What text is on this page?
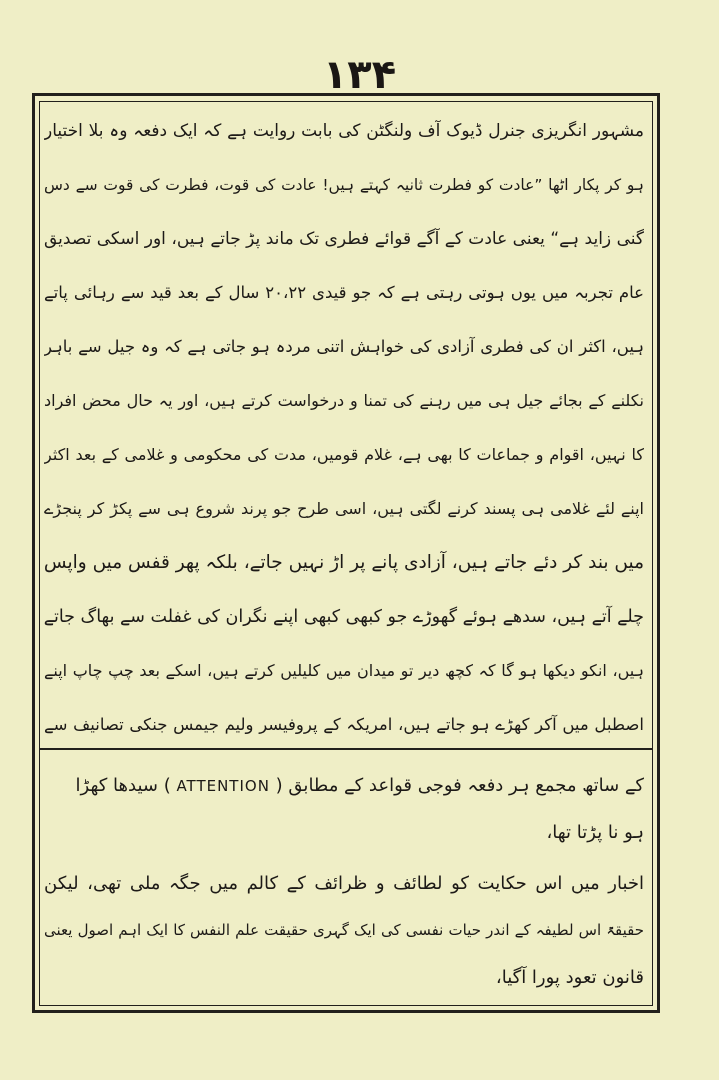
۱۳۴
مشہور انگریزی جنرل ڈیوک آف ولنگٹن کی بابت روایت ہے کہ ایک دفعہ وہ بلا اختیار
ہو کر پکار اٹھا ”عادت کو فطرت ثانیہ کہتے ہیں! عادت کی قوت، فطرت کی قوت سے دس
گنی زاید ہے“ یعنی عادت کے آگے قوائے فطری تک ماند پڑ جاتے ہیں، اور اسکی تصدیق
عام تجربہ میں یوں ہوتی رہتی ہے کہ جو قیدی ۲۰،۲۲ سال کے بعد قید سے رہائی پاتے
ہیں، اکثر ان کی فطری آزادی کی خواہش اتنی مردہ ہو جاتی ہے کہ وہ جیل سے باہر
نکلنے کے بجائے جیل ہی میں رہنے کی تمنا و درخواست کرتے ہیں، اور یہ حال محض افراد
کا نہیں، اقوام و جماعات کا بھی ہے، غلام قومیں، مدت کی محکومی و غلامی کے بعد اکثر
اپنے لئے غلامی ہی پسند کرنے لگتی ہیں، اسی طرح جو پرند شروع ہی سے پکڑ کر پنجڑے
میں بند کر دئے جاتے ہیں، آزادی پانے پر اڑ نہیں جاتے، بلکہ پھر قفس میں واپس
چلے آتے ہیں، سدھے ہوئے گھوڑے جو کبھی کبھی اپنے نگران کی غفلت سے بھاگ جاتے
ہیں، انکو دیکھا ہو گا کہ کچھ دیر تو میدان میں کلیلیں کرتے ہیں، اسکے بعد چپ چاپ اپنے
اصطبل میں آکر کھڑے ہو جاتے ہیں، امریکہ کے پروفیسر ولیم جیمس جنکی تصانیف سے
کے ساتھ مجمع ہر دفعہ فوجی قواعد کے مطابق ( ATTENTION ) سیدھا کھڑا
ہو نا پڑتا تھا،
اخبار میں اس حکایت کو لطائف و ظرائف کے کالم میں جگہ ملی تھی، لیکن
حقیقۃً اس لطیفہ کے اندر حیات نفسی کی ایک گہری حقیقت علم النفس کا ایک اہم اصول یعنی
قانون تعود پورا آگیا،
